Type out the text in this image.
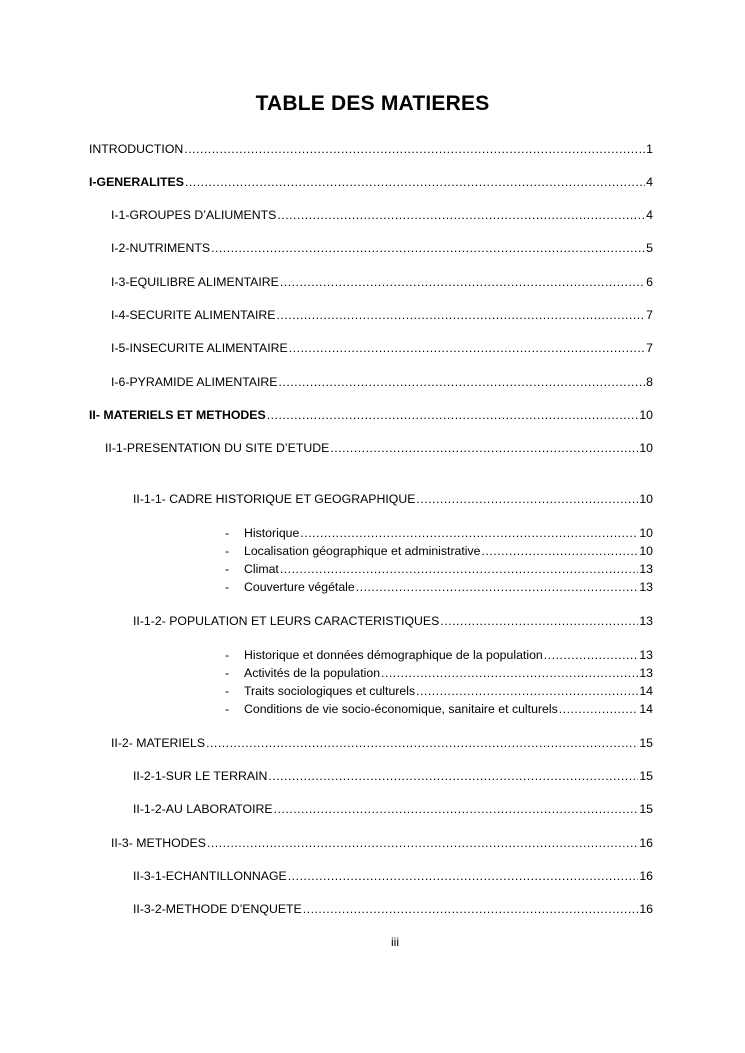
TABLE DES MATIERES
INTRODUCTION .....	1
I-GENERALITES .....	4
I-1-GROUPES D’ALIUMENTS .....	4
I-2-NUTRIMENTS .....	5
I-3-EQUILIBRE ALIMENTAIRE .....	6
I-4-SECURITE ALIMENTAIRE .....	7
I-5-INSECURITE ALIMENTAIRE .....	7
I-6-PYRAMIDE ALIMENTAIRE .....	8
II- MATERIELS ET METHODES .....	10
II-1-PRESENTATION DU SITE D’ETUDE .....	10
II-1-1- CADRE HISTORIQUE ET GEOGRAPHIQUE .....	10
- Historique .....	10
- Localisation géographique et administrative .....	10
- Climat .....	13
- Couverture végétale .....	13
II-1-2- POPULATION ET LEURS CARACTERISTIQUES .....	13
- Historique et données démographique de la population .....	13
- Activités de la population .....	13
- Traits sociologiques et culturels .....	14
- Conditions de vie socio-économique, sanitaire et culturels .....	14
II-2- MATERIELS .....	15
II-2-1-SUR LE TERRAIN .....	15
II-1-2-AU LABORATOIRE .....	15
II-3- METHODES .....	16
II-3-1-ECHANTILLONNAGE .....	16
II-3-2-METHODE D’ENQUETE .....	16
iii
